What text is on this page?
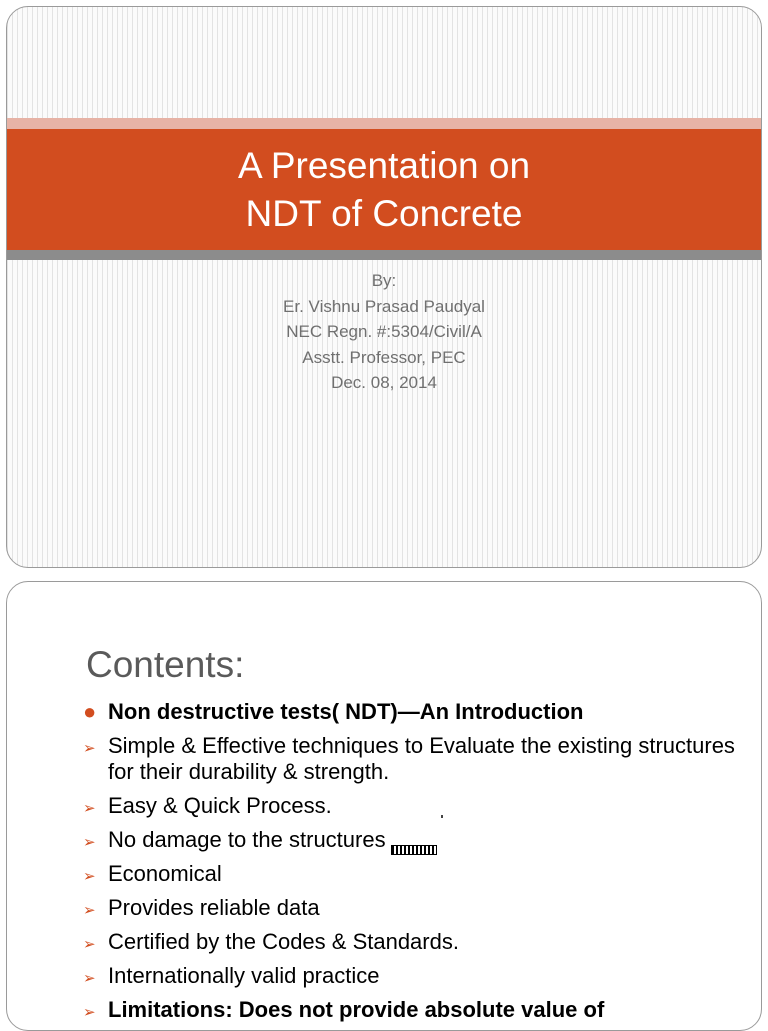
A Presentation on
NDT of Concrete
By:
Er. Vishnu Prasad Paudyal
NEC Regn. #:5304/Civil/A
Asstt. Professor, PEC
Dec. 08, 2014
Contents:
● Non destructive tests( NDT)—An Introduction
➢ Simple & Effective techniques to Evaluate the existing structures for their durability & strength.
➢ Easy & Quick Process.
➢ No damage to the structures
➢ Economical
➢ Provides reliable data
➢ Certified by the Codes & Standards.
➢ Internationally valid practice
➢ Limitations: Does not provide absolute value of
